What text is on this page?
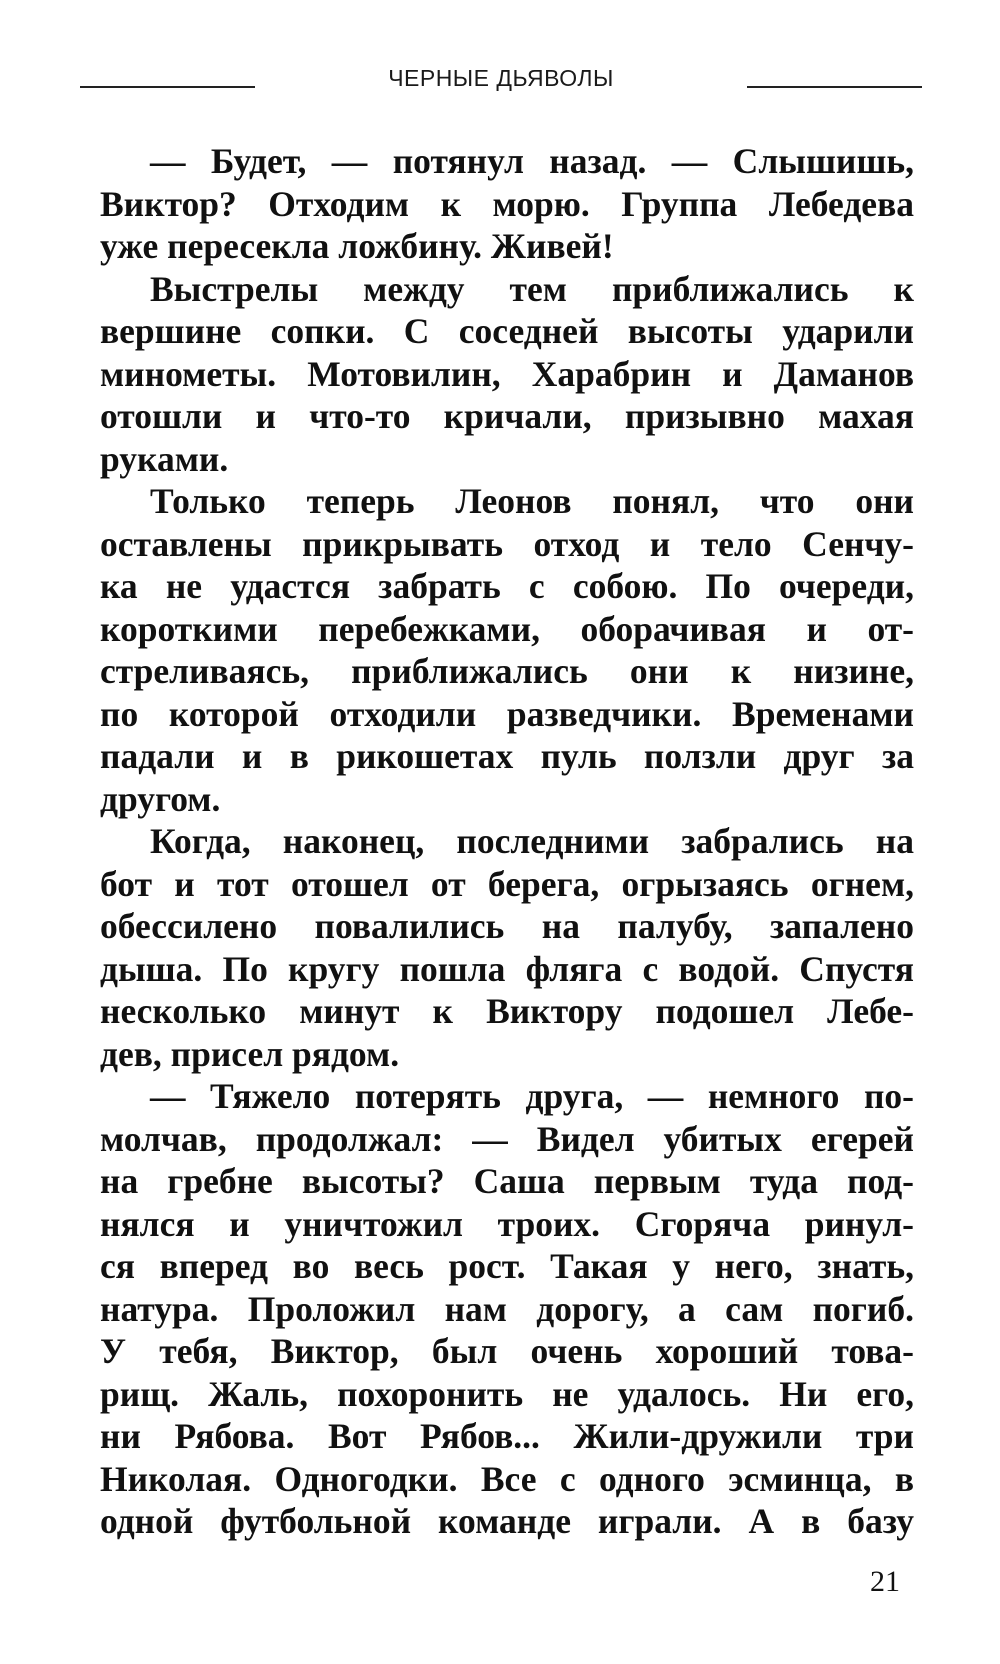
ЧЕРНЫЕ ДЬЯВОЛЫ
— Будет, — потянул назад. — Слышишь,
Виктор? Отходим к морю. Группа Лебедева
уже пересекла ложбину. Живей!
Выстрелы между тем приближались к
вершине сопки. С соседней высоты ударили
минометы. Мотовилин, Харабрин и Даманов
отошли и что-то кричали, призывно махая
руками.
Только теперь Леонов понял, что они
оставлены прикрывать отход и тело Сенчу-
ка не удастся забрать с собою. По очереди,
короткими перебежками, оборачивая и от-
стреливаясь, приближались они к низине,
по которой отходили разведчики. Временами
падали и в рикошетах пуль ползли друг за
другом.
Когда, наконец, последними забрались на
бот и тот отошел от берега, огрызаясь огнем,
обессилено повалились на палубу, запалено
дыша. По кругу пошла фляга с водой. Спустя
несколько минут к Виктору подошел Лебе-
дев, присел рядом.
— Тяжело потерять друга, — немного по-
молчав, продолжал: — Видел убитых егерей
на гребне высоты? Саша первым туда под-
нялся и уничтожил троих. Сгоряча ринул-
ся вперед во весь рост. Такая у него, знать,
натура. Проложил нам дорогу, а сам погиб.
У тебя, Виктор, был очень хороший това-
рищ. Жаль, похоронить не удалось. Ни его,
ни Рябова. Вот Рябов... Жили-дружили три
Николая. Одногодки. Все с одного эсминца, в
одной футбольной команде играли. А в базу
21
